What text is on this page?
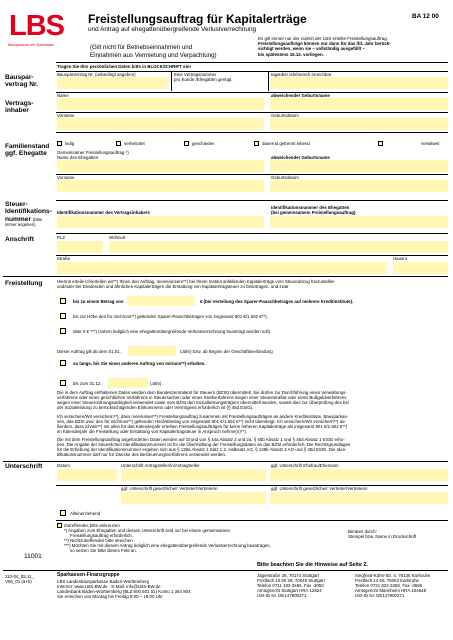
LBS
Bausparkasse der Sparkassen
Freistellungsauftrag für Kapitalerträge
und Antrag auf ehegattenübergreifende Verlustverrechnung
BA 12 00
(Gilt nicht für Betriebseinnahmen und
Einnahmen aus Vermietung und Verpachtung)
Es gilt immer nur der zuletzt der LBS erteilte Freistellungsauftrag.
Freistellungsaufträge können nur dann für das lfd. Jahr berück-
sichtigt werden, wenn sie – vollständig ausgefüllt –
bis spätestens 15.12. vorliegen.
Tragen Sie Ihre persönlichen Daten bitte in BLOCKSCHRIFT ein!
Bauspar-
vertrag Nr.
Vertrags-
inhaber
Bausparvertrag Nr. (unbedingt angeben)	Eine Vertragsnummer
pro Kunde /Ehegatten genügt.
tagsüber telefonisch erreichbar
Name	abweichender Geburtsname
Vorname	Geburtsdatum
Familienstand
ggf. Ehegatte
ledig	verheiratet	geschieden	dauernd getrennt lebend	verwitwet
Gemeinsamer Freistellungsauftrag *)
Name des Ehegatten	abweichender Geburtsname
Vorname	Geburtsdatum
Steuer-
Identifikations-
nummer (bitte
immer angeben)
Identifikationsnummer des Vertragsinhabers
Identifikationsnummer des Ehegatten
(bei gemeinsamem Freistellungsauftrag)
Anschrift	PLZ	Wohnort
Straße	Hausnr.
Freistellung	Hiermit erteile ich/erteilen wir**) Ihnen den Auftrag, meine/unsere**) bei Ihrem Institut anfallenden Kapitalerträge vom Steuerabzug freizustellen
und/oder bei Dividenden und ähnlichen Kapitalerträgen die Erstattung von Kapitalertragsteuer zu beantragen, und zwar
bis zu einem Betrag von	€ (bei Verteilung des Sparer-Pauschbetrages auf mehrere Kreditinstitute).
bis zur Höhe des für mich/uns**) geltenden Sparer-Pauschbetrages von insgesamt 801 €/1.602 €**).
über 0 € ***) (sofern lediglich eine ehegattenübergreifende Verlustverrechnung beantragt werden soll).
Dieser Auftrag gilt ab dem 01.01.	(Jahr) bzw. ab Beginn der Geschäftsverbindung
so lange, bis Sie einen anderen Auftrag von mir/uns**) erhalten.
bis zum 31.12.	(Jahr).
Die in dem Auftrag enthaltenen Daten werden dem Bundeszentralamt für Steuern (BZSt) übermittelt. Sie dürfen zur Durchführung eines Verwaltungs-
verfahrens oder eines gerichtlichen Verfahrens in Steuersachen oder eines Strafverfahrens wegen einer Steuerstraftat oder eines Bußgeldverfahrens
wegen einer Steuerordnungswidrigkeit verwendet sowie vom BZSt den Sozialleistungsträgern übermittelt werden, soweit dies zur Überprüfung des bei
der Sozialleistung zu berücksichtigenden Einkommens oder Vermögens erforderlich ist (§ 45d EStG).
Ich versichere/Wir versichern**), dass mein/unser**) Freistellungsauftrag zusammen mit Freistellungsaufträgen an andere Kreditinstitute, Bausparkas-
sen, das BZSt usw. den für mich/uns**) geltenden Höchstbetrag von insgesamt 801 €/1.602 €**) nicht übersteigt. Ich versichere/Wir versichern**) au-
ßerdem, dass ich/wir**) mit allen für das Kalenderjahr erteilten Freistellungsaufträgen für keine höheren Kapitalerträge als insgesamt 801 €/1.602 €**)
im Kalenderjahr die Freistellung oder Erstattung von Kapitalertragsteuer in Anspruch nehme(n)**).
Die mit dem Freistellungsauftrag angeforderten Daten werden auf Grund von § 44a Absatz 2 und 2a, § 45b Absatz 1 und § 45d Absatz 1 EStG erho-
ben. Die Angabe der steuerlichen Identifikationsnummer ist für die Übermittlung der Freistellungsdaten an das BZSt erforderlich. Die Rechtsgrundlagen
für die Erhebung der Identifikationsnummer ergeben sich aus § 139a Absatz 1 Satz 1 2. Halbsatz AO, § 139b Absatz 2 AO und § 45d EStG. Die Iden-
tifikationsnummer darf nur für Zwecke des Besteuerungsverfahrens verwendet werden.
Unterschrift	Datum	Unterschrift Antragsteller/in/Antragsteller	ggf. Unterschrift Ehefrau/Ehemann
ggf. Unterschrift gesetzliche/r Vertreter/Vertreterin	ggf. Unterschrift gesetzliche/r Vertreter/Vertreterin
Alleinerziehend
11001
Zutreffendes bitte ankreuzen
*) Angaben zum Ehegatten und dessen Unterschrift sind nur bei einem gemeinsamen
Freistellungsauftrag erforderlich.
**) Nichtzutreffendes bitte streichen
***) Möchten Sie mit diesem Antrag lediglich eine ehegattenübergreifende Verlustverrechnung beantragen,
so setzen Sie bitte dieses Feld an.
Beraten durch:
Stempel bzw. Name in Druckschrift
Bitte beachten Sie die Hinweise auf Seite 2.
110-04_05.11_
V06_01 (a+b)
Sparkassen-Finanzgruppe
LBS Landesbausparkasse Baden-Württemberg
Internet: www.LBS-BW.de · E-Mail: info@LBS-BW.de
Landesbank Baden-Württemberg (BLZ 600 501 01) Konto 1 364 804
Sie erreichen uns Montag bis Freitag 8:00 – 18:00 Uhr
Jägerstraße 36, 70174 Stuttgart
Postfach 10 60 28, 70049 Stuttgart
Telefon 0711 183-3456, Fax -3050
Amtsgericht Stuttgart HRA 12824
USt-ID Nr. DE147800271
Siegfried-Kühn-Str. 4, 76135 Karlsruhe
Postfach 14 60, 76003 Karlsruhe
Telefon 0721 822-3456, Fax -3660
Amtsgericht Mannheim HRA 104548
USt-ID Nr. DE147800271
